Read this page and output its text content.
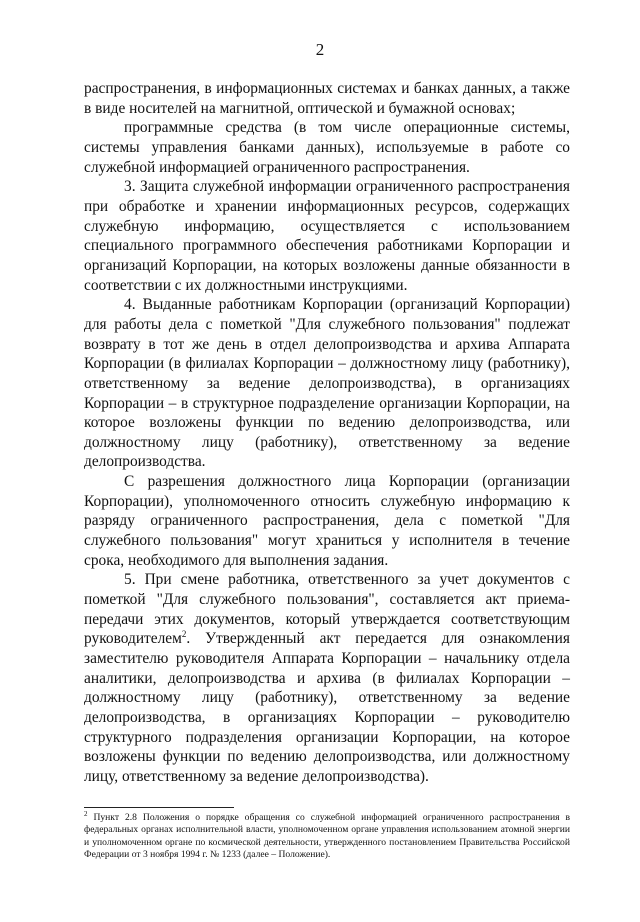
2

распространения, в информационных системах и банках данных, а также в виде носителей на магнитной, оптической и бумажной основах;

программные средства (в том числе операционные системы, системы управления банками данных), используемые в работе со служебной информацией ограниченного распространения.

3. Защита служебной информации ограниченного распространения при обработке и хранении информационных ресурсов, содержащих служебную информацию, осуществляется с использованием специального программного обеспечения работниками Корпорации и организаций Корпорации, на которых возложены данные обязанности в соответствии с их должностными инструкциями.

4. Выданные работникам Корпорации (организаций Корпорации) для работы дела с пометкой "Для служебного пользования" подлежат возврату в тот же день в отдел делопроизводства и архива Аппарата Корпорации (в филиалах Корпорации – должностному лицу (работнику), ответственному за ведение делопроизводства), в организациях Корпорации – в структурное подразделение организации Корпорации, на которое возложены функции по ведению делопроизводства, или должностному лицу (работнику), ответственному за ведение делопроизводства.

С разрешения должностного лица Корпорации (организации Корпорации), уполномоченного относить служебную информацию к разряду ограниченного распространения, дела с пометкой "Для служебного пользования" могут храниться у исполнителя в течение срока, необходимого для выполнения задания.

5. При смене работника, ответственного за учет документов с пометкой "Для служебного пользования", составляется акт приема-передачи этих документов, который утверждается соответствующим руководителем$^2$. Утвержденный акт передается для ознакомления заместителю руководителя Аппарата Корпорации – начальнику отдела аналитики, делопроизводства и архива (в филиалах Корпорации – должностному лицу (работнику), ответственному за ведение делопроизводства, в организациях Корпорации – руководителю структурного подразделения организации Корпорации, на которое возложены функции по ведению делопроизводства, или должностному лицу, ответственному за ведение делопроизводства).

$^2$ Пункт 2.8 Положения о порядке обращения со служебной информацией ограниченного распространения в федеральных органах исполнительной власти, уполномоченном органе управления использованием атомной энергии и уполномоченном органе по космической деятельности, утвержденного постановлением Правительства Российской Федерации от 3 ноября 1994 г. № 1233 (далее – Положение).
